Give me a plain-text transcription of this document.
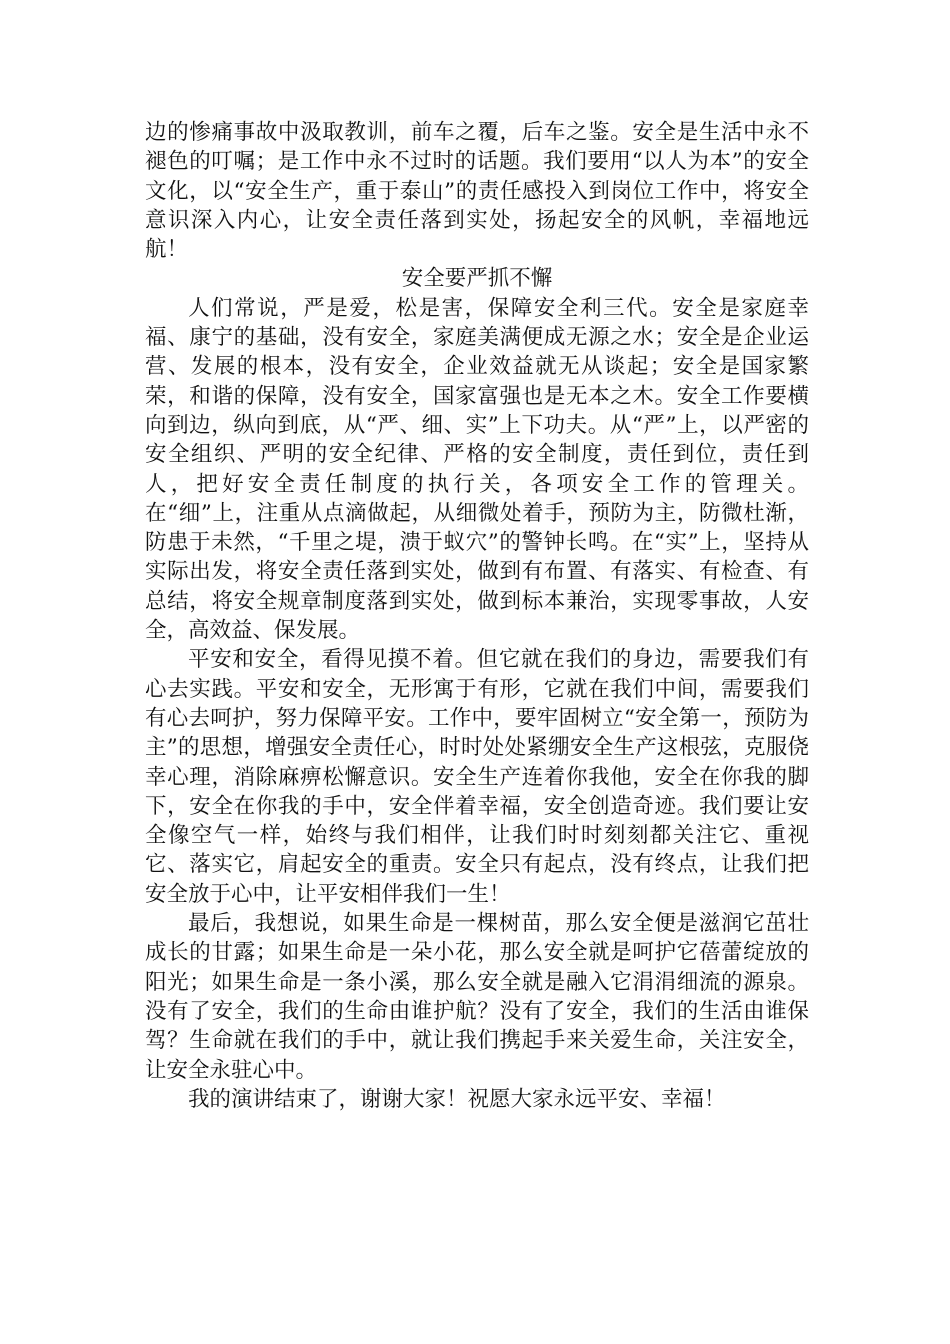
边的惨痛事故中汲取教训，前车之覆，后车之鉴。安全是生活中永不褪色的叮嘱；是工作中永不过时的话题。我们要用“以人为本”的安全文化，以“安全生产，重于泰山”的责任感投入到岗位工作中，将安全意识深入内心，让安全责任落到实处，扬起安全的风帆，幸福地远航！

安全要严抓不懈

人们常说，严是爱，松是害，保障安全利三代。安全是家庭幸福、康宁的基础，没有安全，家庭美满便成无源之水；安全是企业运营、发展的根本，没有安全，企业效益就无从谈起；安全是国家繁荣，和谐的保障，没有安全，国家富强也是无本之木。安全工作要横向到边，纵向到底，从“严、细、实”上下功夫。从“严”上，以严密的安全组织、严明的安全纪律、严格的安全制度，责任到位，责任到人，把好安全责任制度的执行关，各项安全工作的管理关。在“细”上，注重从点滴做起，从细微处着手，预防为主，防微杜渐，防患于未然，“千里之堤，溃于蚁穴”的警钟长鸣。在“实”上，坚持从实际出发，将安全责任落到实处，做到有布置、有落实、有检查、有总结，将安全规章制度落到实处，做到标本兼治，实现零事故，人安全，高效益、保发展。

平安和安全，看得见摸不着。但它就在我们的身边，需要我们有心去实践。平安和安全，无形寓于有形，它就在我们中间，需要我们有心去呵护，努力保障平安。工作中，要牢固树立“安全第一，预防为主”的思想，增强安全责任心，时时处处紧绷安全生产这根弦，克服侥幸心理，消除麻痹松懈意识。安全生产连着你我他，安全在你我的脚下，安全在你我的手中，安全伴着幸福，安全创造奇迹。我们要让安全像空气一样，始终与我们相伴，让我们时时刻刻都关注它、重视它、落实它，肩起安全的重责。安全只有起点，没有终点，让我们把安全放于心中，让平安相伴我们一生！

最后，我想说，如果生命是一棵树苗，那么安全便是滋润它茁壮成长的甘露；如果生命是一朵小花，那么安全就是呵护它蓓蕾绽放的阳光；如果生命是一条小溪，那么安全就是融入它涓涓细流的源泉。没有了安全，我们的生命由谁护航？没有了安全，我们的生活由谁保驾？生命就在我们的手中，就让我们携起手来关爱生命，关注安全，让安全永驻心中。

我的演讲结束了，谢谢大家！祝愿大家永远平安、幸福！
